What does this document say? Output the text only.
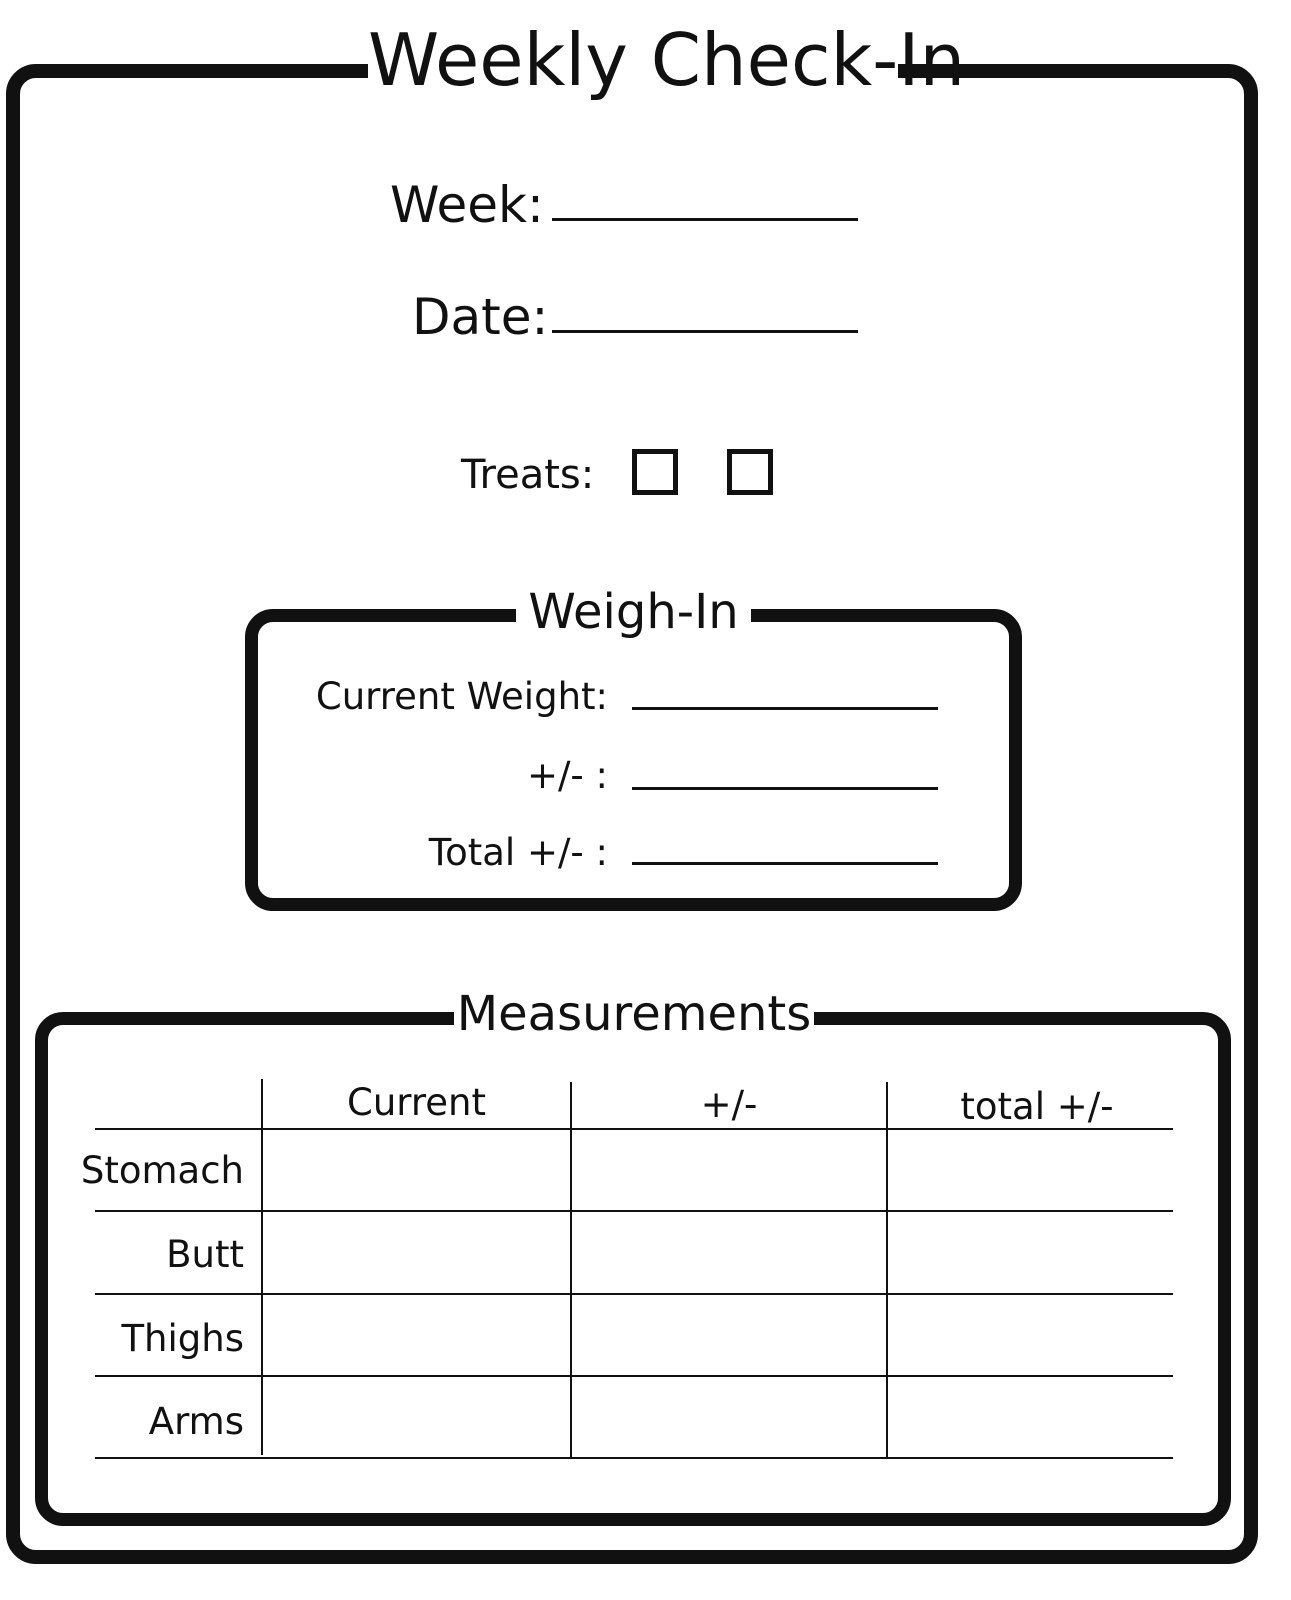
Weekly Check-In
Week:
Date:
Treats:
Weigh-In
Current Weight:
+/- :
Total +/- :
Measurements
Current	+/-	total +/-
Stomach
Butt
Thighs
Arms
